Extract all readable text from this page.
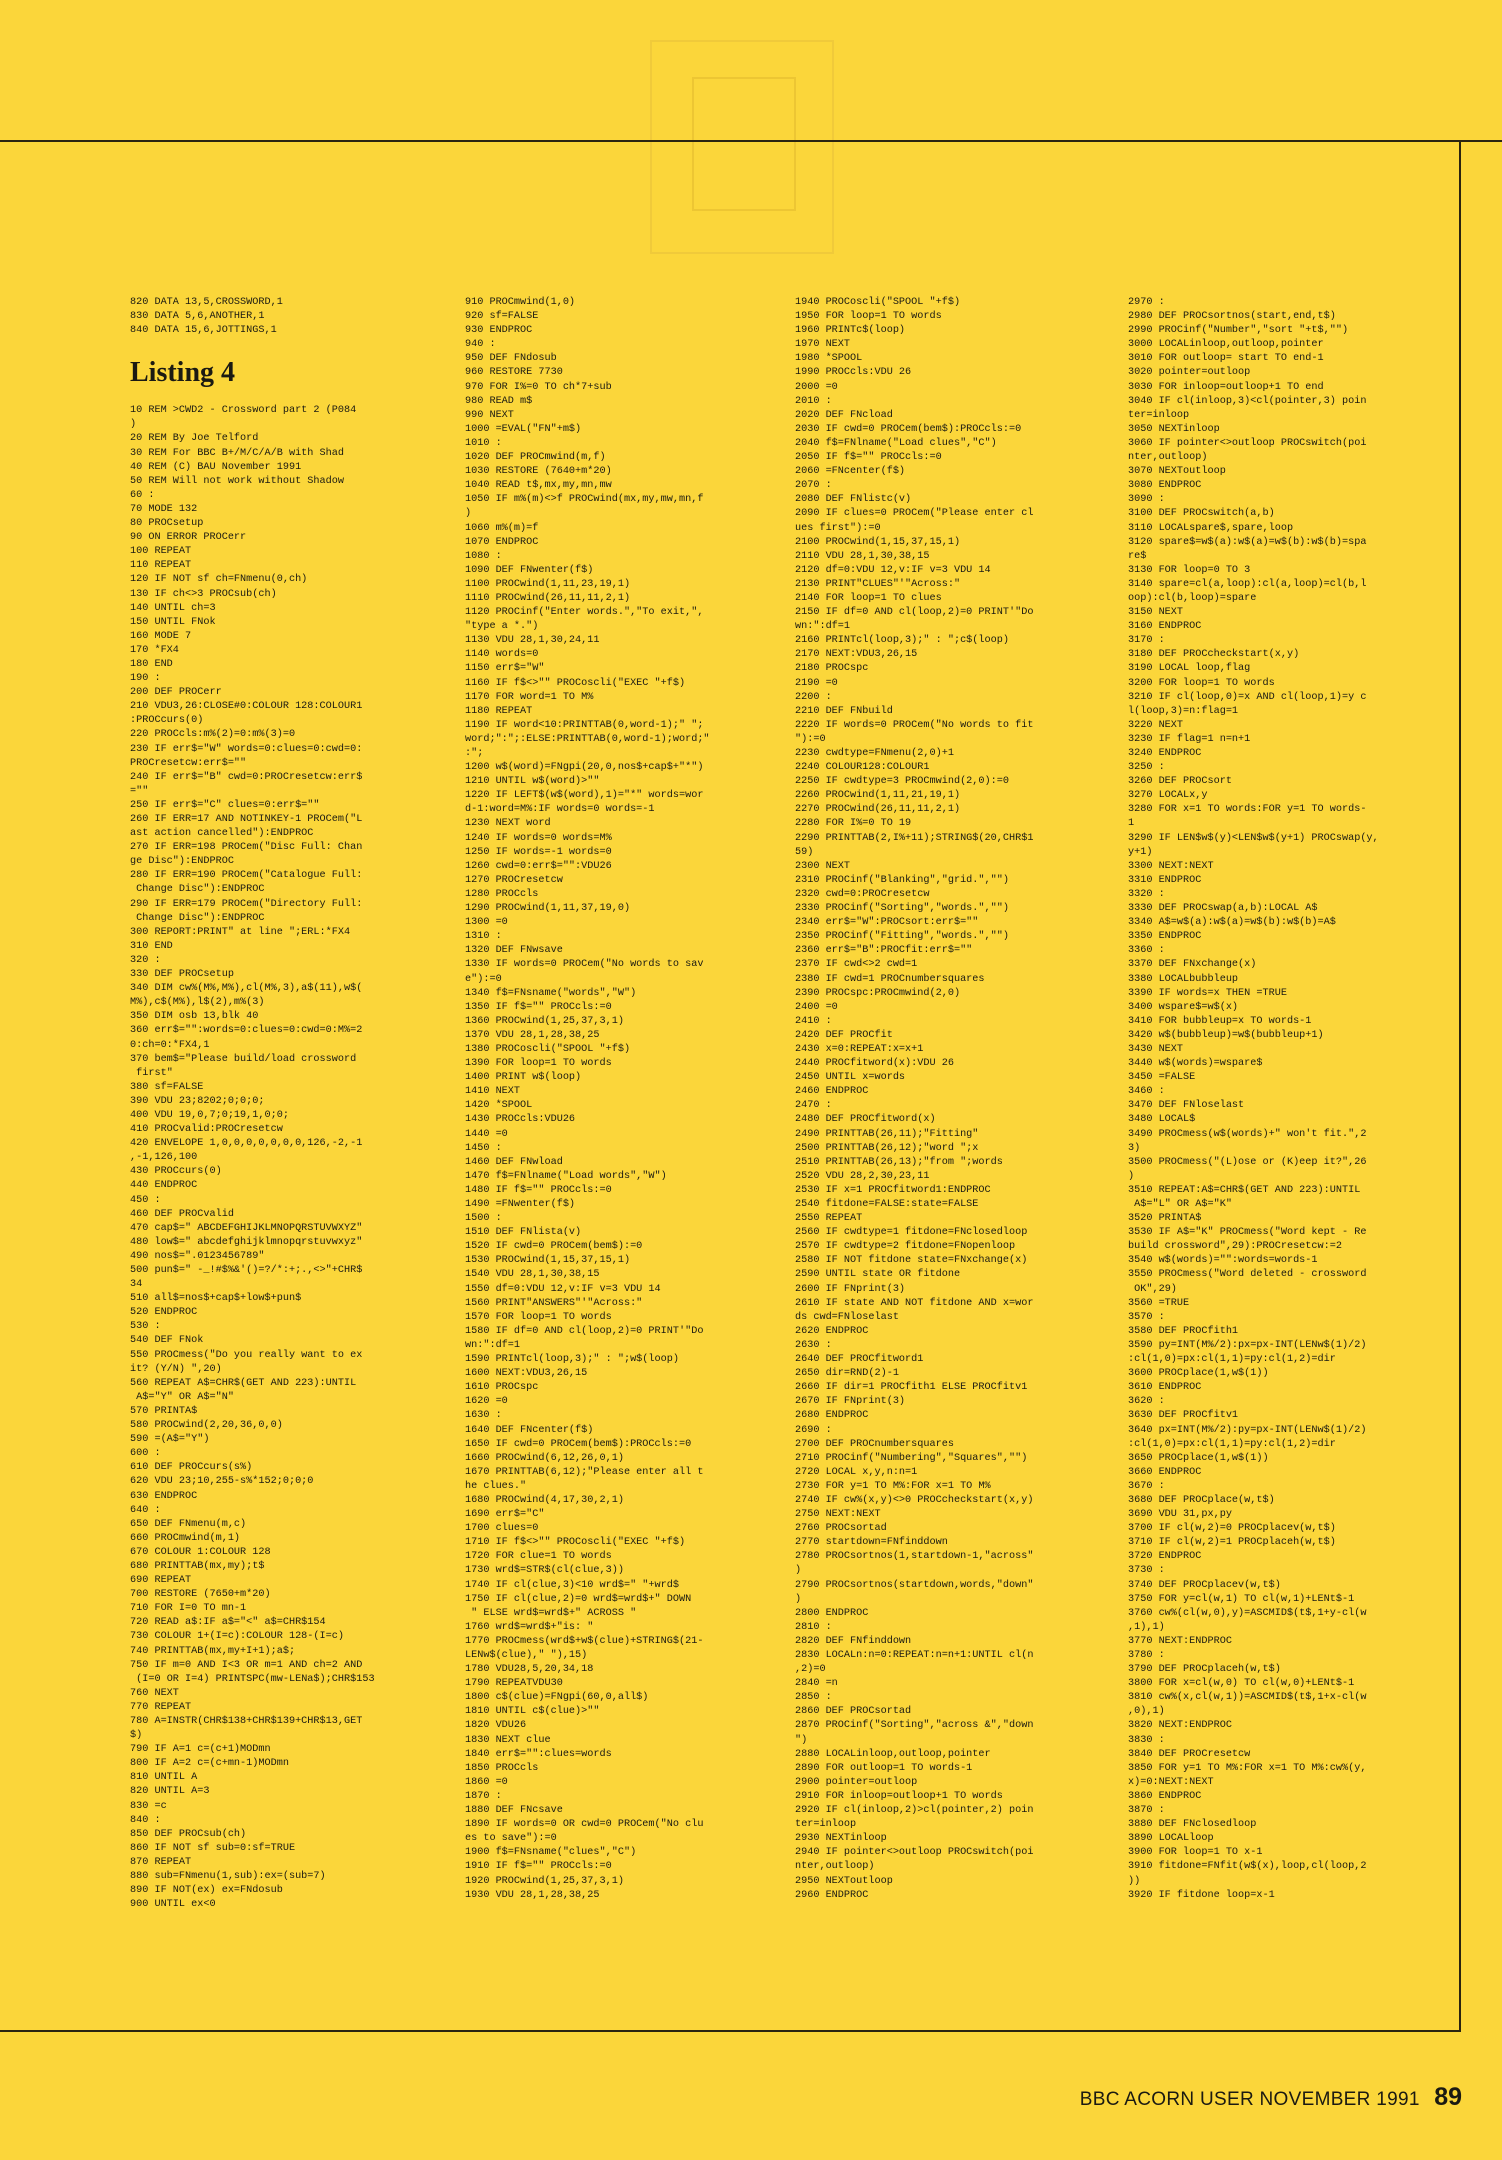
820 DATA 13,5,CROSSWORD,1
830 DATA 5,6,ANOTHER,1
840 DATA 15,6,JOTTINGS,1
Listing 4
10 REM >CWD2 - Crossword part 2 (P084
)
20 REM By Joe Telford
30 REM For BBC B+/M/C/A/B with Shad
40 REM (C) BAU November 1991
50 REM Will not work without Shadow
60 :
70 MODE 132
80 PROCsetup
90 ON ERROR PROCerr
100 REPEAT
110 REPEAT
120 IF NOT sf ch=FNmenu(0,ch)
130 IF ch<>3 PROCsub(ch)
140 UNTIL ch=3
150 UNTIL FNok
160 MODE 7
170 *FX4
180 END
190 :
200 DEF PROCerr
210 VDU3,26:CLOSE#0:COLOUR 128:COLOUR1
:PROCcurs(0)
220 PROCcls:m%(2)=0:m%(3)=0
230 IF err$="W" words=0:clues=0:cwd=0:
PROCresetcw:err$=""
240 IF err$="B" cwd=0:PROCresetcw:err$
=""
250 IF err$="C" clues=0:err$=""
260 IF ERR=17 AND NOTINKEY-1 PROCem("L
ast action cancelled"):ENDPROC
270 IF ERR=198 PROCem("Disc Full: Chan
ge Disc"):ENDPROC
280 IF ERR=190 PROCem("Catalogue Full:
Change Disc"):ENDPROC
290 IF ERR=179 PROCem("Directory Full:
Change Disc"):ENDPROC
300 REPORT:PRINT" at line ";ERL:*FX4
310 END
320 :
330 DEF PROCsetup
340 DIM cw%(M%,M%),cl(M%,3),a$(11),w$(
M%),c$(M%),l$(2),m%(3)
350 DIM osb 13,blk 40
360 err$="":words=0:clues=0:cwd=0:M%=2
0:ch=0:*FX4,1
370 bem$="Please build/load crossword
first"
380 sf=FALSE
390 VDU 23;8202;0;0;0;
400 VDU 19,0,7;0;19,1,0;0;
410 PROCvalid:PROCresetcw
420 ENVELOPE 1,0,0,0,0,0,0,0,126,-2,-1
,-1,126,100
430 PROCcurs(0)
440 ENDPROC
450 :
460 DEF PROCvalid
470 cap$=" ABCDEFGHIJKLMNOPQRSTUVWXYZ"
480 low$=" abcdefghijklmnopqrstuvwxyz"
490 nos$=".0123456789"
500 pun$=" -_!#$%&'()=?/*:+;.,<>"+CHR$
34
510 all$=nos$+cap$+low$+pun$
520 ENDPROC
530 :
540 DEF FNok
550 PROCmess("Do you really want to ex
it? (Y/N) ",20)
560 REPEAT A$=CHR$(GET AND 223):UNTIL
A$="Y" OR A$="N"
570 PRINTA$
580 PROCwind(2,20,36,0,0)
590 =(A$="Y")
600 :
610 DEF PROCcurs(s%)
620 VDU 23;10,255-s%*152;0;0;0
630 ENDPROC
640 :
650 DEF FNmenu(m,c)
660 PROCmwind(m,1)
670 COLOUR 1:COLOUR 128
680 PRINTTAB(mx,my);t$
690 REPEAT
700 RESTORE (7650+m*20)
710 FOR I=0 TO mn-1
720 READ a$:IF a$="<" a$=CHR$154
730 COLOUR 1+(I=c):COLOUR 128-(I=c)
740 PRINTTAB(mx,my+I+1);a$;
750 IF m=0 AND I<3 OR m=1 AND ch=2 AND
(I=0 OR I=4) PRINTSPC(mw-LENa$);CHR$153
760 NEXT
770 REPEAT
780 A=INSTR(CHR$138+CHR$139+CHR$13,GET
$)
790 IF A=1 c=(c+1)MODmn
800 IF A=2 c=(c+mn-1)MODmn
810 UNTIL A
820 UNTIL A=3
830 =c
840 :
850 DEF PROCsub(ch)
860 IF NOT sf sub=0:sf=TRUE
870 REPEAT
880 sub=FNmenu(1,sub):ex=(sub=7)
890 IF NOT(ex) ex=FNdosub
900 UNTIL ex<0
910 PROCmwind(1,0)
920 sf=FALSE
930 ENDPROC
940 :
950 DEF FNdosub
960 RESTORE 7730
970 FOR I%=0 TO ch*7+sub
980 READ m$
990 NEXT
1000 =EVAL("FN"+m$)
1010 :
1020 DEF PROCmwind(m,f)
1030 RESTORE (7640+m*20)
1040 READ t$,mx,my,mn,mw
1050 IF m%(m)<>f PROCwind(mx,my,mw,mn,f
)
1060 m%(m)=f
1070 ENDPROC
1080 :
1090 DEF FNwenter(f$)
1100 PROCwind(1,11,23,19,1)
1110 PROCwind(26,11,11,2,1)
1120 PROCinf("Enter words.","To exit,",
"type a *.")
1130 VDU 28,1,30,24,11
1140 words=0
1150 err$="W"
1160 IF f$<>"" PROCoscli("EXEC "+f$)
1170 FOR word=1 TO M%
1180 REPEAT
1190 IF word<10:PRINTTAB(0,word-1);" ";
word;":";:ELSE:PRINTTAB(0,word-1);word;"
:";
1200 w$(word)=FNgpi(20,0,nos$+cap$+"*")
1210 UNTIL w$(word)>""
1220 IF LEFT$(w$(word),1)="*" words=wor
d-1:word=M%:IF words=0 words=-1
1230 NEXT word
1240 IF words=0 words=M%
1250 IF words=-1 words=0
1260 cwd=0:err$="":VDU26
1270 PROCresetcw
1280 PROCcls
1290 PROCwind(1,11,37,19,0)
1300 =0
1310 :
1320 DEF FNwsave
1330 IF words=0 PROCem("No words to sav
e"):=0
1340 f$=FNsname("words","W")
1350 IF f$="" PROCcls:=0
1360 PROCwind(1,25,37,3,1)
1370 VDU 28,1,28,38,25
1380 PROCoscli("SPOOL "+f$)
1390 FOR loop=1 TO words
1400 PRINT w$(loop)
1410 NEXT
1420 *SPOOL
1430 PROCcls:VDU26
1440 =0
1450 :
1460 DEF FNwload
1470 f$=FNlname("Load words","W")
1480 IF f$="" PROCcls:=0
1490 =FNwenter(f$)
1500 :
1510 DEF FNlista(v)
1520 IF cwd=0 PROCem(bem$):=0
1530 PROCwind(1,15,37,15,1)
1540 VDU 28,1,30,38,15
1550 df=0:VDU 12,v:IF v=3 VDU 14
1560 PRINT"ANSWERS"'"Across:"
1570 FOR loop=1 TO words
1580 IF df=0 AND cl(loop,2)=0 PRINT'"Do
wn:":df=1
1590 PRINTcl(loop,3);" : ";w$(loop)
1600 NEXT:VDU3,26,15
1610 PROCspc
1620 =0
1630 :
1640 DEF FNcenter(f$)
1650 IF cwd=0 PROCem(bem$):PROCcls:=0
1660 PROCwind(6,12,26,0,1)
1670 PRINTTAB(6,12);"Please enter all t
he clues."
1680 PROCwind(4,17,30,2,1)
1690 err$="C"
1700 clues=0
1710 IF f$<>"" PROCoscli("EXEC "+f$)
1720 FOR clue=1 TO words
1730 wrd$=STR$(cl(clue,3))
1740 IF cl(clue,3)<10 wrd$=" "+wrd$
1750 IF cl(clue,2)=0 wrd$=wrd$+" DOWN
" ELSE wrd$=wrd$+" ACROSS "
1760 wrd$=wrd$+"is: "
1770 PROCmess(wrd$+w$(clue)+STRING$(21-
LENw$(clue)," "),15)
1780 VDU28,5,20,34,18
1790 REPEATVDU30
1800 c$(clue)=FNgpi(60,0,all$)
1810 UNTIL c$(clue)>""
1820 VDU26
1830 NEXT clue
1840 err$="":clues=words
1850 PROCcls
1860 =0
1870 :
1880 DEF FNcsave
1890 IF words=0 OR cwd=0 PROCem("No clu
es to save"):=0
1900 f$=FNsname("clues","C")
1910 IF f$="" PROCcls:=0
1920 PROCwind(1,25,37,3,1)
1930 VDU 28,1,28,38,25
1940 PROCoscli("SPOOL "+f$)
1950 FOR loop=1 TO words
1960 PRINTc$(loop)
1970 NEXT
1980 *SPOOL
1990 PROCcls:VDU 26
2000 =0
2010 :
2020 DEF FNcload
2030 IF cwd=0 PROCem(bem$):PROCcls:=0
2040 f$=FNlname("Load clues","C")
2050 IF f$="" PROCcls:=0
2060 =FNcenter(f$)
2070 :
2080 DEF FNlistc(v)
2090 IF clues=0 PROCem("Please enter cl
ues first"):=0
2100 PROCwind(1,15,37,15,1)
2110 VDU 28,1,30,38,15
2120 df=0:VDU 12,v:IF v=3 VDU 14
2130 PRINT"CLUES"'"Across:"
2140 FOR loop=1 TO clues
2150 IF df=0 AND cl(loop,2)=0 PRINT'"Do
wn:":df=1
2160 PRINTcl(loop,3);" : ";c$(loop)
2170 NEXT:VDU3,26,15
2180 PROCspc
2190 =0
2200 :
2210 DEF FNbuild
2220 IF words=0 PROCem("No words to fit
"):=0
2230 cwdtype=FNmenu(2,0)+1
2240 COLOUR128:COLOUR1
2250 IF cwdtype=3 PROCmwind(2,0):=0
2260 PROCwind(1,11,21,19,1)
2270 PROCwind(26,11,11,2,1)
2280 FOR I%=0 TO 19
2290 PRINTTAB(2,I%+11);STRING$(20,CHR$1
59)
2300 NEXT
2310 PROCinf("Blanking","grid.","")
2320 cwd=0:PROCresetcw
2330 PROCinf("Sorting","words.","")
2340 err$="W":PROCsort:err$=""
2350 PROCinf("Fitting","words.","")
2360 err$="B":PROCfit:err$=""
2370 IF cwd<>2 cwd=1
2380 IF cwd=1 PROCnumbersquares
2390 PROCspc:PROCmwind(2,0)
2400 =0
2410 :
2420 DEF PROCfit
2430 x=0:REPEAT:x=x+1
2440 PROCfitword(x):VDU 26
2450 UNTIL x=words
2460 ENDPROC
2470 :
2480 DEF PROCfitword(x)
2490 PRINTTAB(26,11);"Fitting"
2500 PRINTTAB(26,12);"word ";x
2510 PRINTTAB(26,13);"from ";words
2520 VDU 28,2,30,23,11
2530 IF x=1 PROCfitword1:ENDPROC
2540 fitdone=FALSE:state=FALSE
2550 REPEAT
2560 IF cwdtype=1 fitdone=FNclosedloop
2570 IF cwdtype=2 fitdone=FNopenloop
2580 IF NOT fitdone state=FNxchange(x)
2590 UNTIL state OR fitdone
2600 IF FNprint(3)
2610 IF state AND NOT fitdone AND x=wor
ds cwd=FNloselast
2620 ENDPROC
2630 :
2640 DEF PROCfitword1
2650 dir=RND(2)-1
2660 IF dir=1 PROCfith1 ELSE PROCfitv1
2670 IF FNprint(3)
2680 ENDPROC
2690 :
2700 DEF PROCnumbersquares
2710 PROCinf("Numbering","Squares","")
2720 LOCAL x,y,n:n=1
2730 FOR y=1 TO M%:FOR x=1 TO M%
2740 IF cw%(x,y)<>0 PROCcheckstart(x,y)
2750 NEXT:NEXT
2760 PROCsortad
2770 startdown=FNfinddown
2780 PROCsortnos(1,startdown-1,"across"
)
2790 PROCsortnos(startdown,words,"down"
)
2800 ENDPROC
2810 :
2820 DEF FNfinddown
2830 LOCALn:n=0:REPEAT:n=n+1:UNTIL cl(n
,2)=0
2840 =n
2850 :
2860 DEF PROCsortad
2870 PROCinf("Sorting","across &","down
")
2880 LOCALinloop,outloop,pointer
2890 FOR outloop=1 TO words-1
2900 pointer=outloop
2910 FOR inloop=outloop+1 TO words
2920 IF cl(inloop,2)>cl(pointer,2) poin
ter=inloop
2930 NEXTinloop
2940 IF pointer<>outloop PROCswitch(poi
nter,outloop)
2950 NEXToutloop
2960 ENDPROC
2970 :
2980 DEF PROCsortnos(start,end,t$)
2990 PROCinf("Number","sort "+t$,"")
3000 LOCALinloop,outloop,pointer
3010 FOR outloop= start TO end-1
3020 pointer=outloop
3030 FOR inloop=outloop+1 TO end
3040 IF cl(inloop,3)<cl(pointer,3) poin
ter=inloop
3050 NEXTinloop
3060 IF pointer<>outloop PROCswitch(poi
nter,outloop)
3070 NEXToutloop
3080 ENDPROC
3090 :
3100 DEF PROCswitch(a,b)
3110 LOCALspare$,spare,loop
3120 spare$=w$(a):w$(a)=w$(b):w$(b)=spa
re$
3130 FOR loop=0 TO 3
3140 spare=cl(a,loop):cl(a,loop)=cl(b,l
oop):cl(b,loop)=spare
3150 NEXT
3160 ENDPROC
3170 :
3180 DEF PROCcheckstart(x,y)
3190 LOCAL loop,flag
3200 FOR loop=1 TO words
3210 IF cl(loop,0)=x AND cl(loop,1)=y c
l(loop,3)=n:flag=1
3220 NEXT
3230 IF flag=1 n=n+1
3240 ENDPROC
3250 :
3260 DEF PROCsort
3270 LOCALx,y
3280 FOR x=1 TO words:FOR y=1 TO words-
1
3290 IF LEN$w$(y)<LEN$w$(y+1) PROCswap(y,
y+1)
3300 NEXT:NEXT
3310 ENDPROC
3320 :
3330 DEF PROCswap(a,b):LOCAL A$
3340 A$=w$(a):w$(a)=w$(b):w$(b)=A$
3350 ENDPROC
3360 :
3370 DEF FNxchange(x)
3380 LOCALbubbleup
3390 IF words=x THEN =TRUE
3400 wspare$=w$(x)
3410 FOR bubbleup=x TO words-1
3420 w$(bubbleup)=w$(bubbleup+1)
3430 NEXT
3440 w$(words)=wspare$
3450 =FALSE
3460 :
3470 DEF FNloselast
3480 LOCAL$
3490 PROCmess(w$(words)+" won't fit.",2
3)
3500 PROCmess("(L)ose or (K)eep it?",26
)
3510 REPEAT:A$=CHR$(GET AND 223):UNTIL
A$="L" OR A$="K"
3520 PRINTA$
3530 IF A$="K" PROCmess("Word kept - Re
build crossword",29):PROCresetcw:=2
3540 w$(words)="":words=words-1
3550 PROCmess("Word deleted - crossword
OK",29)
3560 =TRUE
3570 :
3580 DEF PROCfith1
3590 py=INT(M%/2):px=px-INT(LENw$(1)/2)
:cl(1,0)=px:cl(1,1)=py:cl(1,2)=dir
3600 PROCplace(1,w$(1))
3610 ENDPROC
3620 :
3630 DEF PROCfitv1
3640 px=INT(M%/2):py=px-INT(LENw$(1)/2)
:cl(1,0)=px:cl(1,1)=py:cl(1,2)=dir
3650 PROCplace(1,w$(1))
3660 ENDPROC
3670 :
3680 DEF PROCplace(w,t$)
3690 VDU 31,px,py
3700 IF cl(w,2)=0 PROCplacev(w,t$)
3710 IF cl(w,2)=1 PROCplaceh(w,t$)
3720 ENDPROC
3730 :
3740 DEF PROCplacev(w,t$)
3750 FOR y=cl(w,1) TO cl(w,1)+LENt$-1
3760 cw%(cl(w,0),y)=ASCMID$(t$,1+y-cl(w
,1),1)
3770 NEXT:ENDPROC
3780 :
3790 DEF PROCplaceh(w,t$)
3800 FOR x=cl(w,0) TO cl(w,0)+LENt$-1
3810 cw%(x,cl(w,1))=ASCMID$(t$,1+x-cl(w
,0),1)
3820 NEXT:ENDPROC
3830 :
3840 DEF PROCresetcw
3850 FOR y=1 TO M%:FOR x=1 TO M%:cw%(y,
x)=0:NEXT:NEXT
3860 ENDPROC
3870 :
3880 DEF FNclosedloop
3890 LOCALloop
3900 FOR loop=1 TO x-1
3910 fitdone=FNfit(w$(x),loop,cl(loop,2
))
3920 IF fitdone loop=x-1
BBC ACORN USER NOVEMBER 1991 89
